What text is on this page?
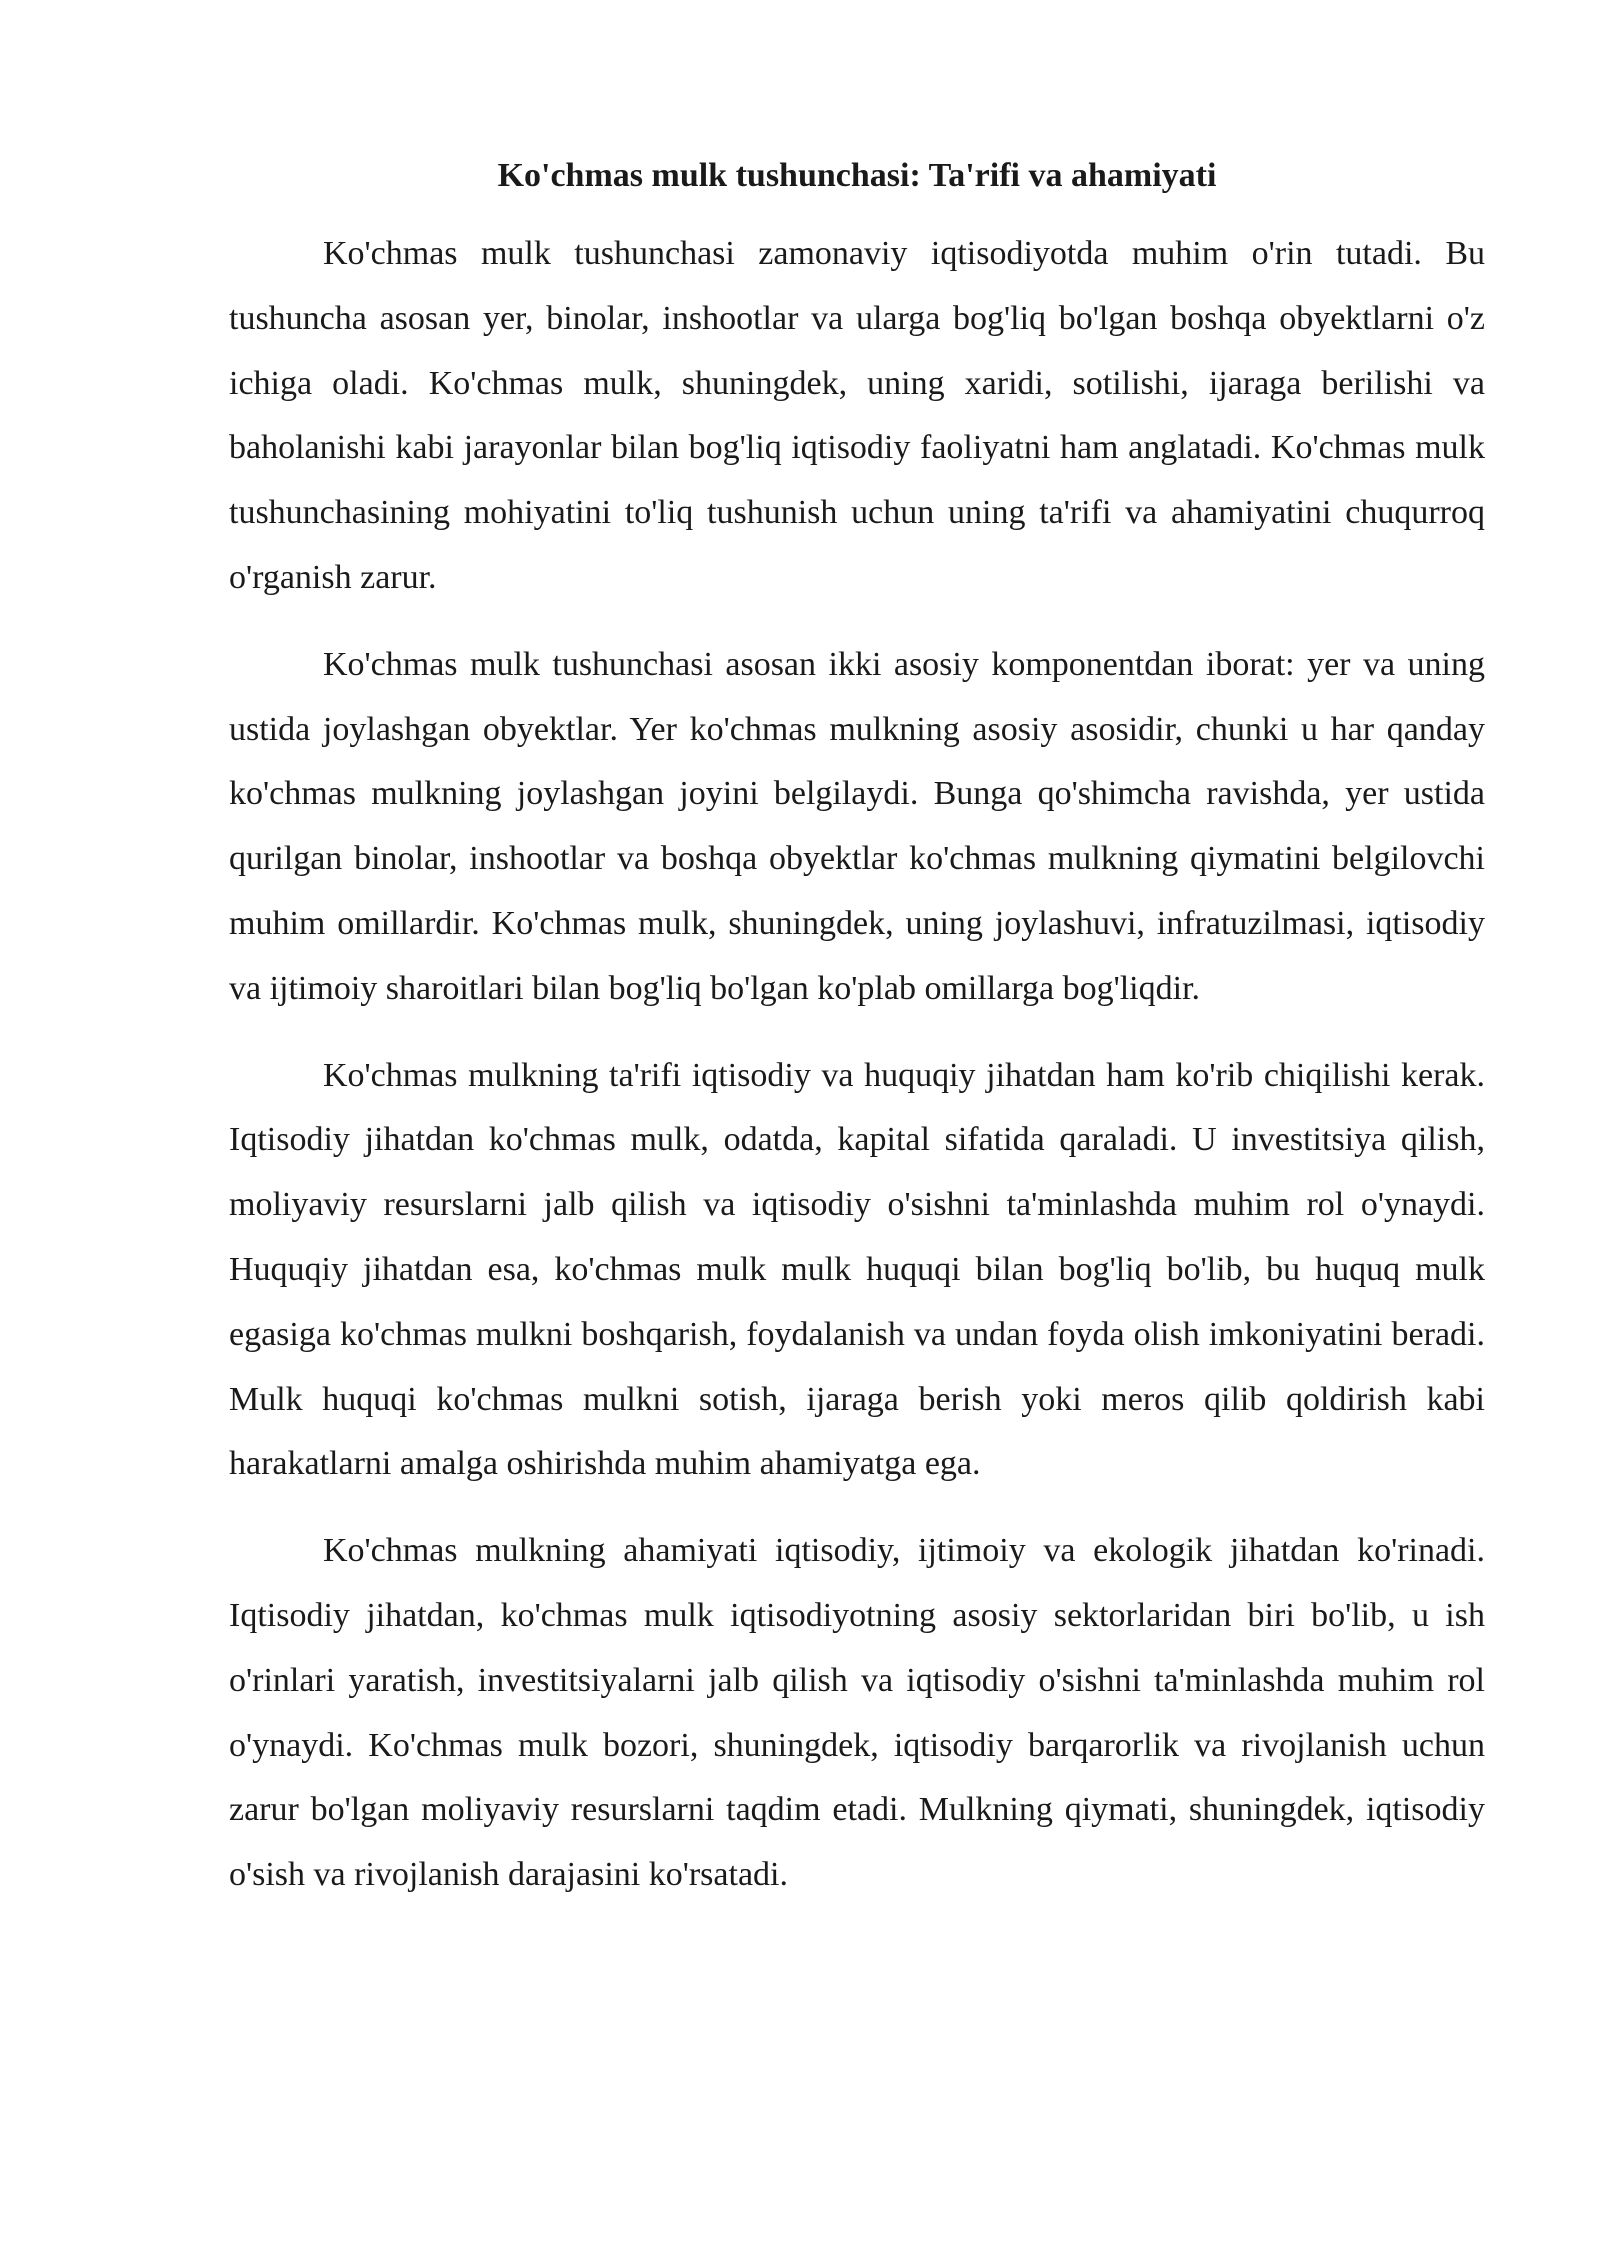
Ko'chmas mulk tushunchasi: Ta'rifi va ahamiyati

Ko'chmas mulk tushunchasi zamonaviy iqtisodiyotda muhim o'rin tutadi. Bu tushuncha asosan yer, binolar, inshootlar va ularga bog'liq bo'lgan boshqa obyektlarni o'z ichiga oladi. Ko'chmas mulk, shuningdek, uning xaridi, sotilishi, ijaraga berilishi va baholanishi kabi jarayonlar bilan bog'liq iqtisodiy faoliyatni ham anglatadi. Ko'chmas mulk tushunchasining mohiyatini to'liq tushunish uchun uning ta'rifi va ahamiyatini chuqurroq o'rganish zarur.

Ko'chmas mulk tushunchasi asosan ikki asosiy komponentdan iborat: yer va uning ustida joylashgan obyektlar. Yer ko'chmas mulkning asosiy asosidir, chunki u har qanday ko'chmas mulkning joylashgan joyini belgilaydi. Bunga qo'shimcha ravishda, yer ustida qurilgan binolar, inshootlar va boshqa obyektlar ko'chmas mulkning qiymatini belgilovchi muhim omillardir. Ko'chmas mulk, shuningdek, uning joylashuvi, infratuzilmasi, iqtisodiy va ijtimoiy sharoitlari bilan bog'liq bo'lgan ko'plab omillarga bog'liqdir.

Ko'chmas mulkning ta'rifi iqtisodiy va huquqiy jihatdan ham ko'rib chiqilishi kerak. Iqtisodiy jihatdan ko'chmas mulk, odatda, kapital sifatida qaraladi. U investitsiya qilish, moliyaviy resurslarni jalb qilish va iqtisodiy o'sishni ta'minlashda muhim rol o'ynaydi. Huquqiy jihatdan esa, ko'chmas mulk mulk huquqi bilan bog'liq bo'lib, bu huquq mulk egasiga ko'chmas mulkni boshqarish, foydalanish va undan foyda olish imkoniyatini beradi. Mulk huquqi ko'chmas mulkni sotish, ijaraga berish yoki meros qilib qoldirish kabi harakatlarni amalga oshirishda muhim ahamiyatga ega.

Ko'chmas mulkning ahamiyati iqtisodiy, ijtimoiy va ekologik jihatdan ko'rinadi. Iqtisodiy jihatdan, ko'chmas mulk iqtisodiyotning asosiy sektorlaridan biri bo'lib, u ish o'rinlari yaratish, investitsiyalarni jalb qilish va iqtisodiy o'sishni ta'minlashda muhim rol o'ynaydi. Ko'chmas mulk bozori, shuningdek, iqtisodiy barqarorlik va rivojlanish uchun zarur bo'lgan moliyaviy resurslarni taqdim etadi. Mulkning qiymati, shuningdek, iqtisodiy o'sish va rivojlanish darajasini ko'rsatadi.
